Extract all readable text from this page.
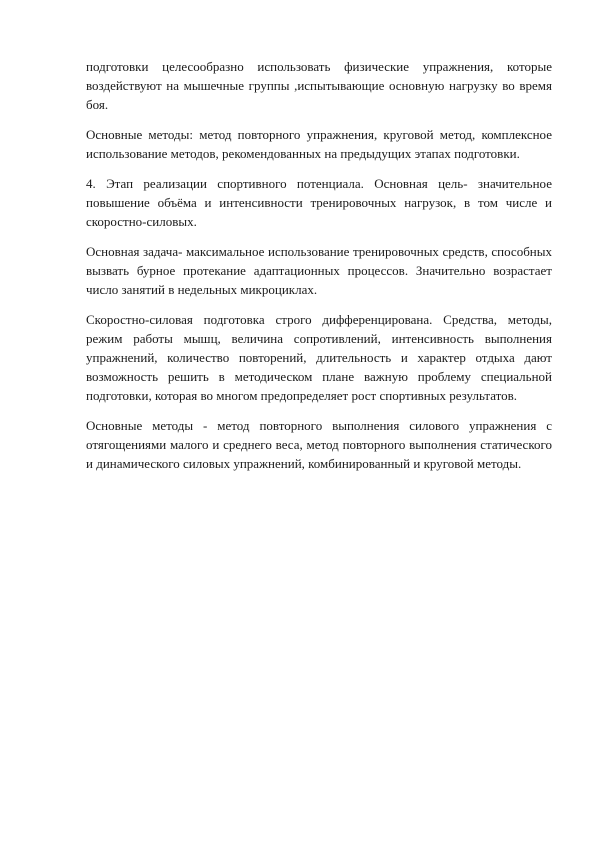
подготовки целесообразно использовать физические упражнения, которые воздействуют на мышечные группы ,испытывающие основную нагрузку во время боя.

Основные методы: метод повторного упражнения, круговой метод, комплексное использование методов, рекомендованных на предыдущих этапах подготовки.

4. Этап реализации спортивного потенциала. Основная цель- значительное повышение объёма и интенсивности тренировочных нагрузок, в том числе и скоростно-силовых.

Основная задача- максимальное использование тренировочных средств, способных вызвать бурное протекание адаптационных процессов. Значительно возрастает число занятий в недельных микроциклах.

Скоростно-силовая подготовка строго дифференцирована. Средства, методы, режим работы мышц, величина сопротивлений, интенсивность выполнения упражнений, количество повторений, длительность и характер отдыха дают возможность решить в методическом плане важную проблему специальной подготовки, которая во многом предопределяет рост спортивных результатов.

Основные методы - метод повторного выполнения силового упражнения с отягощениями малого и среднего веса, метод повторного выполнения статического и динамического силовых упражнений, комбинированный и круговой методы.
